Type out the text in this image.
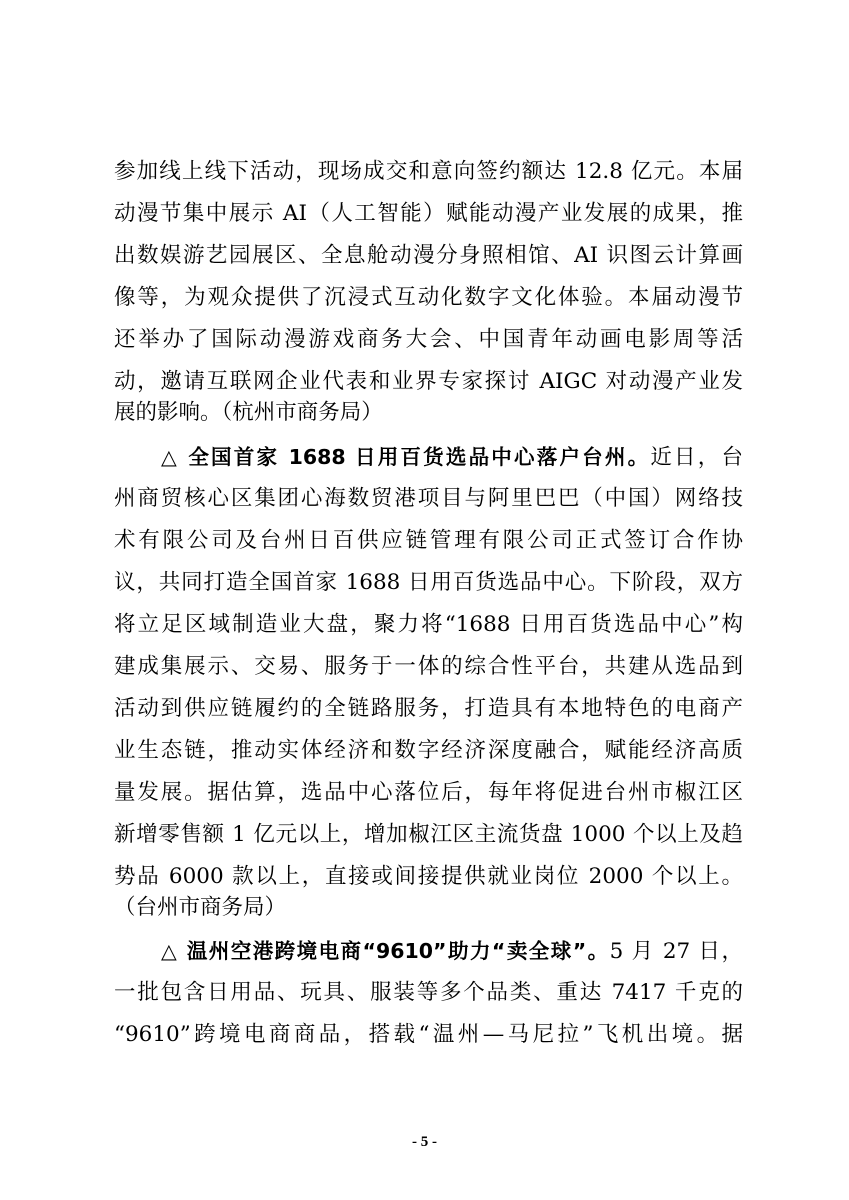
参加线上线下活动，现场成交和意向签约额达 12.8 亿元。本届
动漫节集中展示 AI（人工智能）赋能动漫产业发展的成果，推
出数娱游艺园展区、全息舱动漫分身照相馆、AI 识图云计算画
像等，为观众提供了沉浸式互动化数字文化体验。本届动漫节
还举办了国际动漫游戏商务大会、中国青年动画电影周等活
动，邀请互联网企业代表和业界专家探讨 AIGC 对动漫产业发
展的影响。（杭州市商务局）
△ 全国首家 1688 日用百货选品中心落户台州。近日，台
州商贸核心区集团心海数贸港项目与阿里巴巴（中国）网络技
术有限公司及台州日百供应链管理有限公司正式签订合作协
议，共同打造全国首家 1688 日用百货选品中心。下阶段，双方
将立足区域制造业大盘，聚力将“1688 日用百货选品中心”构
建成集展示、交易、服务于一体的综合性平台，共建从选品到
活动到供应链履约的全链路服务，打造具有本地特色的电商产
业生态链，推动实体经济和数字经济深度融合，赋能经济高质
量发展。据估算，选品中心落位后，每年将促进台州市椒江区
新增零售额 1 亿元以上，增加椒江区主流货盘 1000 个以上及趋
势品 6000 款以上，直接或间接提供就业岗位 2000 个以上。
（台州市商务局）
△ 温州空港跨境电商“9610”助力“卖全球”。5 月 27 日，
一批包含日用品、玩具、服装等多个品类、重达 7417 千克的
“9610”跨境电商商品，搭载“温州—马尼拉”飞机出境。据
- 5 -
